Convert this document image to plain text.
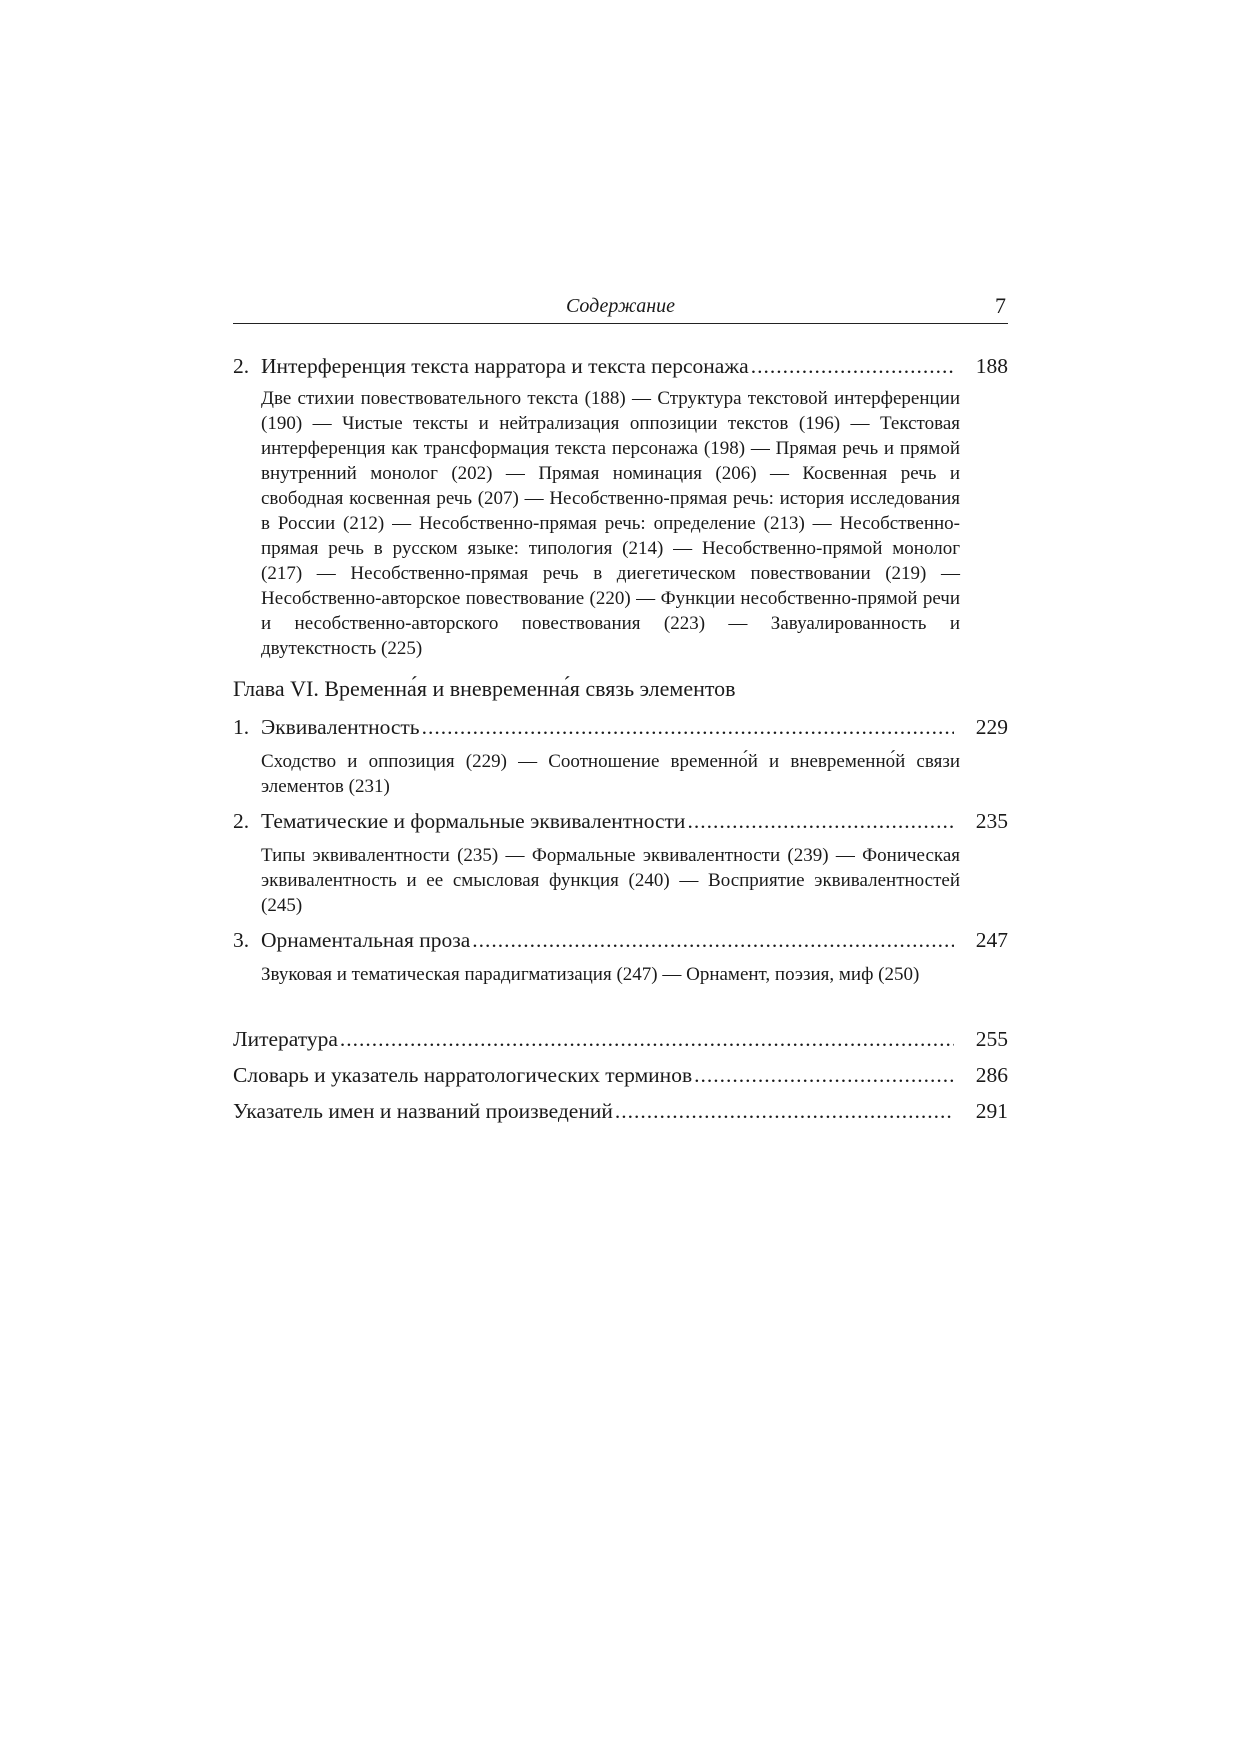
Содержание	7
2. Интерференция текста нарратора и текста персонажа .....	188
Две стихии повествовательного текста (188) — Структура текстовой интерференции (190) — Чистые тексты и нейтрализация оппозиции текстов (196) — Текстовая интерференция как трансформация текста персонажа (198) — Прямая речь и прямой внутренний монолог (202) — Прямая номинация (206) — Косвенная речь и свободная косвенная речь (207) — Несобственно-прямая речь: история исследования в России (212) — Несобственно-прямая речь: определение (213) — Несобственно-прямая речь в русском языке: типология (214) — Несобственно-прямой монолог (217) — Несобственно-прямая речь в диегетическом повествовании (219) — Несобственно-авторское повествование (220) — Функции несобственно-прямой речи и несобственно-авторского повествования (223) — Завуалированность и двутекстность (225)
Глава VI. Временна́я и вневременна́я связь элементов
1. Эквивалентность .....	229
Сходство и оппозиция (229) — Соотношение временно́й и вневременно́й связи элементов (231)
2. Тематические и формальные эквивалентности .....	235
Типы эквивалентности (235) — Формальные эквивалентности (239) — Фоническая эквивалентность и ее смысловая функция (240) — Восприятие эквивалентностей (245)
3. Орнаментальная проза .....	247
Звуковая и тематическая парадигматизация (247) — Орнамент, поэзия, миф (250)
Литература .....	255
Словарь и указатель нарратологических терминов .....	286
Указатель имен и названий произведений .....	291
